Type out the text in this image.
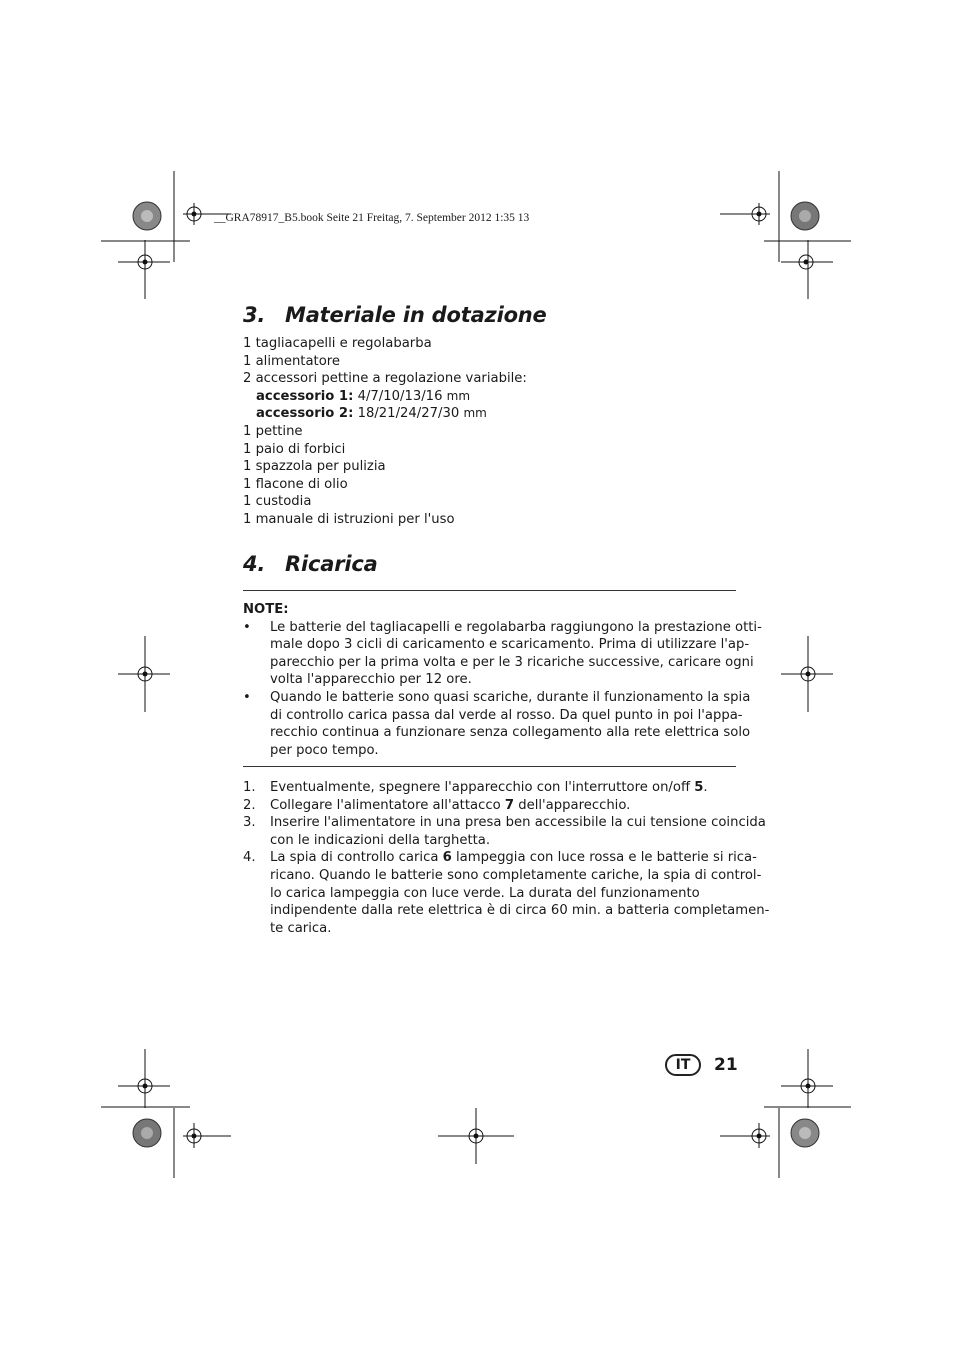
__GRA78917_B5.book Seite 21 Freitag, 7. September 2012 1:35 13
3. Materiale in dotazione
1 tagliacapelli e regolabarba
1 alimentatore
2 accessori pettine a regolazione variabile:
accessorio 1: 4/7/10/13/16 mm
accessorio 2: 18/21/24/27/30 mm
1 pettine
1 paio di forbici
1 spazzola per pulizia
1 flacone di olio
1 custodia
1 manuale di istruzioni per l'uso
4. Ricarica
NOTE:
• Le batterie del tagliacapelli e regolabarba raggiungono la prestazione otti-
male dopo 3 cicli di caricamento e scaricamento. Prima di utilizzare l'ap-
parecchio per la prima volta e per le 3 ricariche successive, caricare ogni
volta l'apparecchio per 12 ore.
• Quando le batterie sono quasi scariche, durante il funzionamento la spia
di controllo carica passa dal verde al rosso. Da quel punto in poi l'appa-
recchio continua a funzionare senza collegamento alla rete elettrica solo
per poco tempo.
1. Eventualmente, spegnere l'apparecchio con l'interruttore on/off 5.
2. Collegare l'alimentatore all'attacco 7 dell'apparecchio.
3. Inserire l'alimentatore in una presa ben accessibile la cui tensione coincida
con le indicazioni della targhetta.
4. La spia di controllo carica 6 lampeggia con luce rossa e le batterie si rica-
ricano. Quando le batterie sono completamente cariche, la spia di control-
lo carica lampeggia con luce verde. La durata del funzionamento
indipendente dalla rete elettrica è di circa 60 min. a batteria completamen-
te carica.
IT	21
